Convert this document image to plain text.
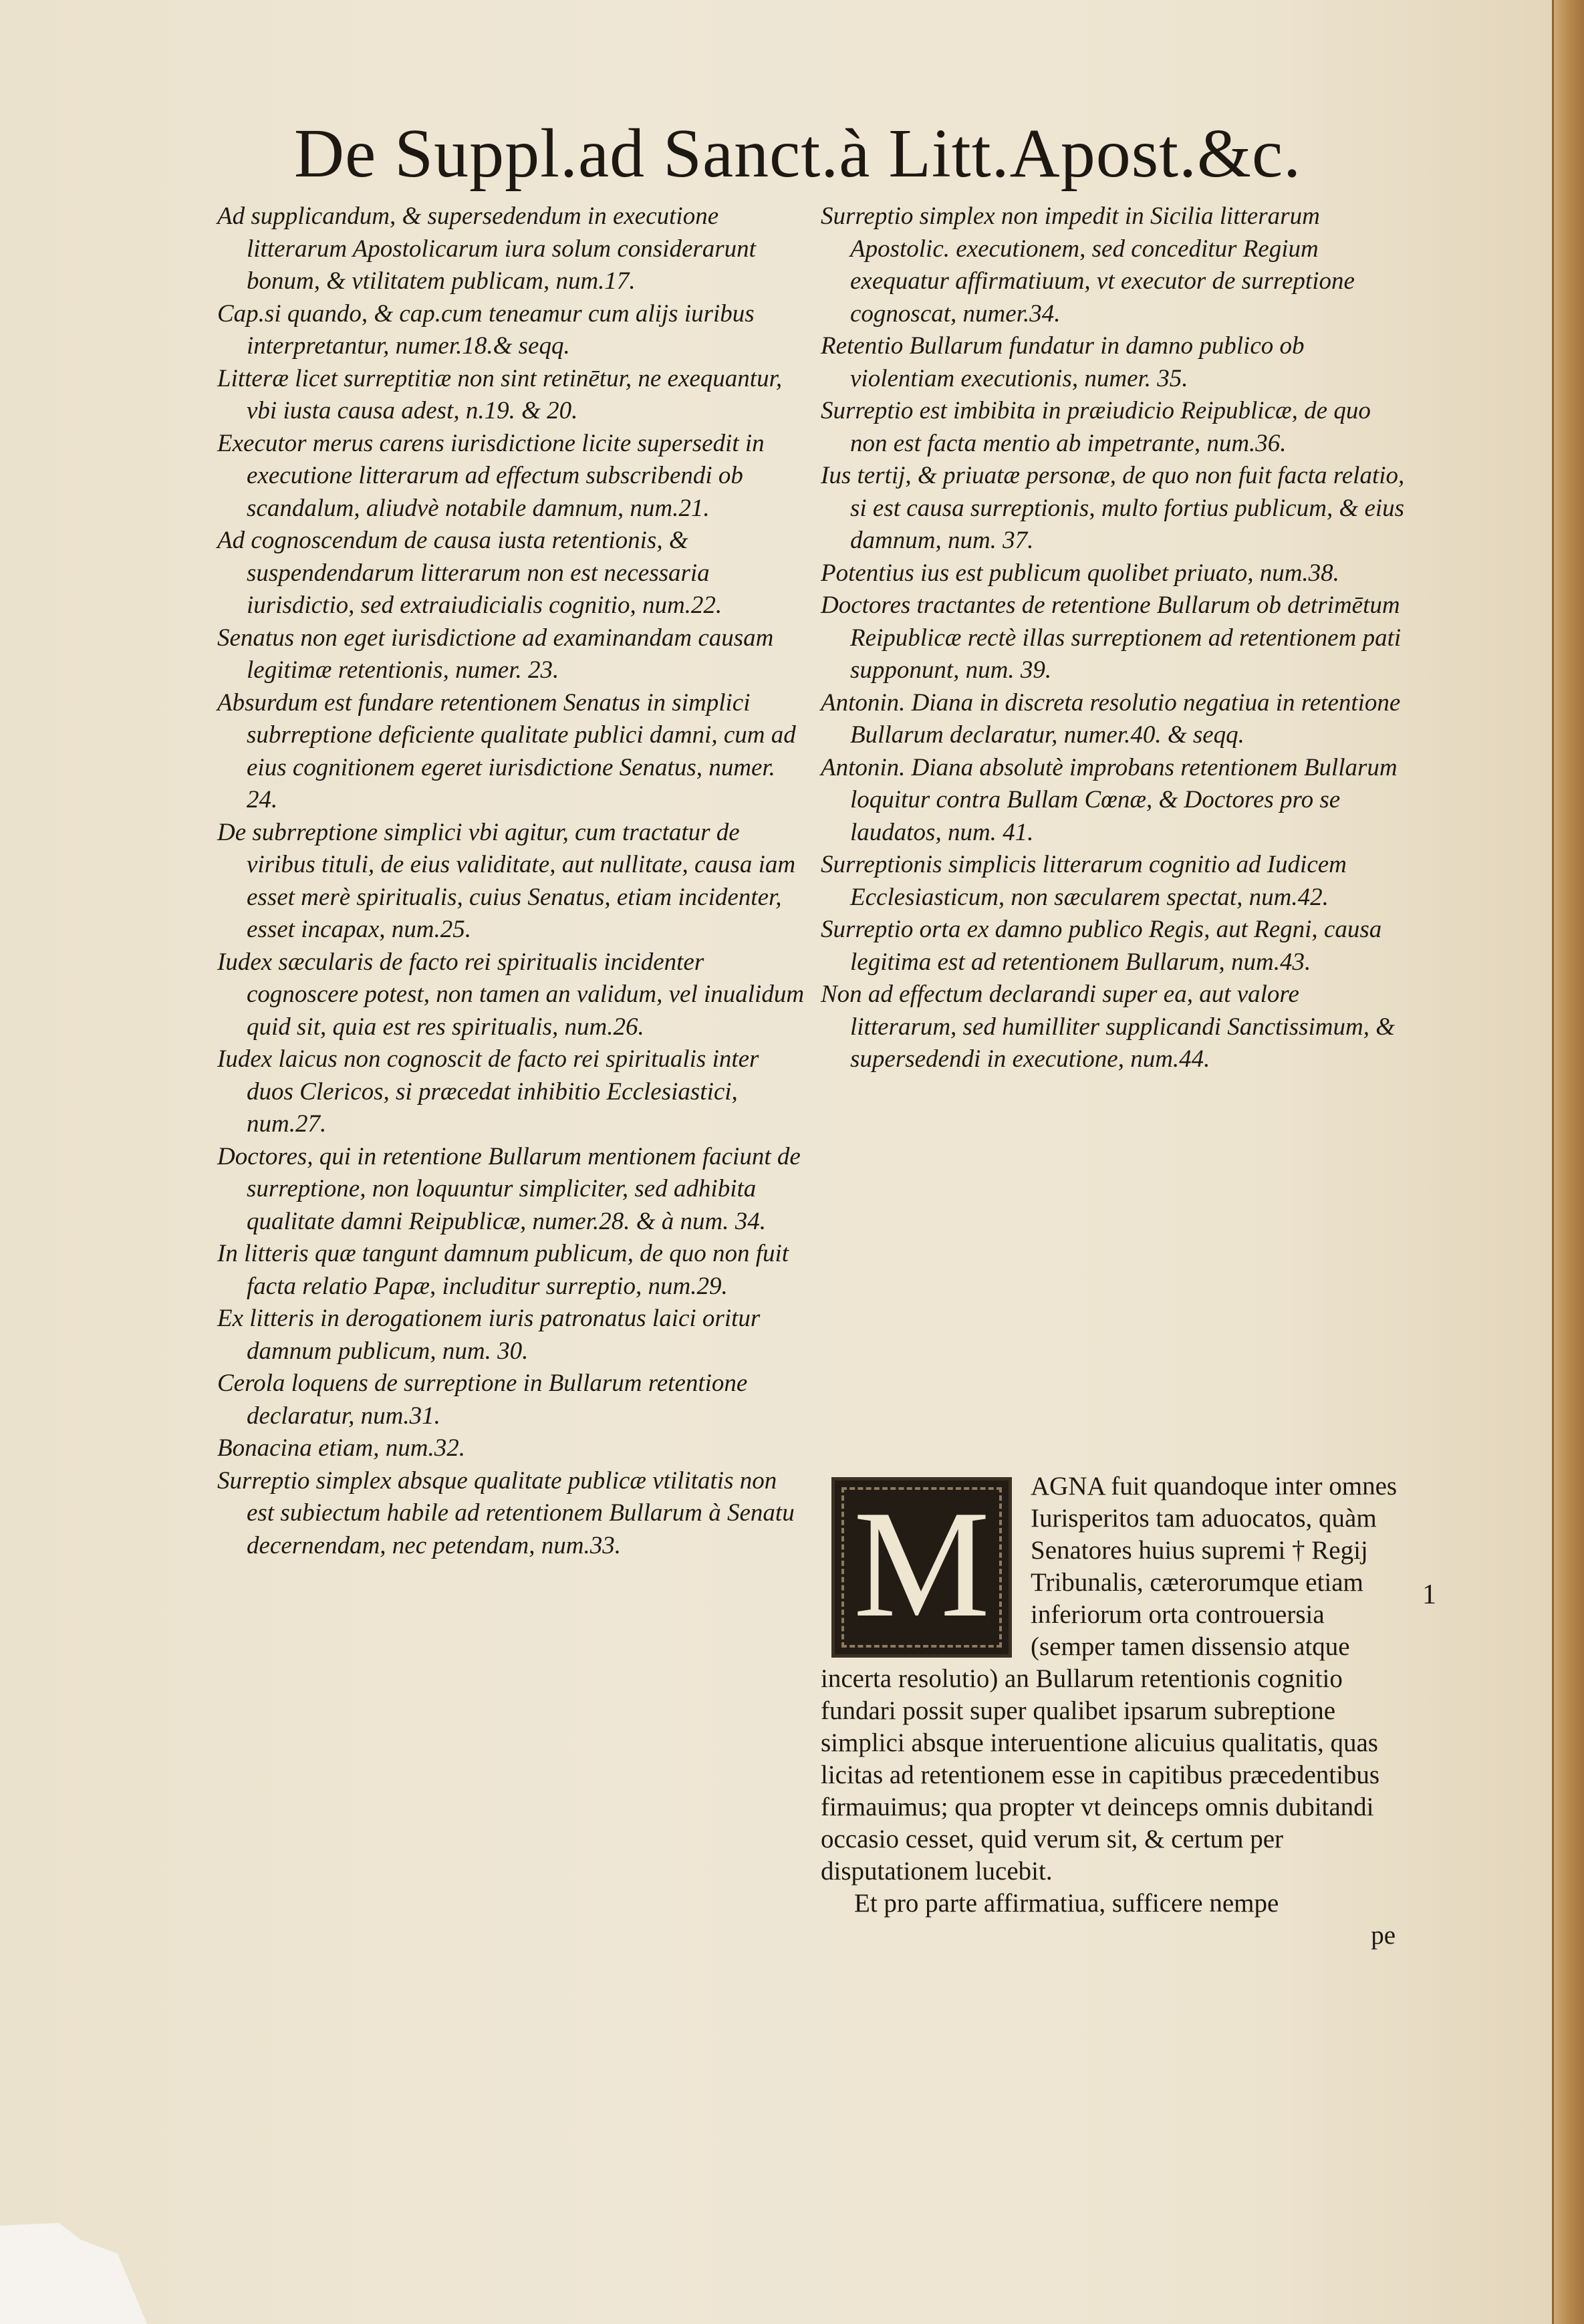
De Suppl.ad Sanct.à Litt.Apost.&c.

Ad supplicandum, & supersedendum in executione litterarum Apostolicarum iura solum considerarunt bonum, & vtilitatem publicam, num.17.

Cap.si quando, & cap.cum teneamur cum alijs iuribus interpretantur, numer.18.& seqq.

Litteræ licet surreptitiæ non sint retinētur, ne exequantur, vbi iusta causa adest, n.19. & 20.

Executor merus carens iurisdictione licite supersedit in executione litterarum ad effectum subscribendi ob scandalum, aliudvè notabile damnum, num.21.

Ad cognoscendum de causa iusta retentionis, & suspendendarum litterarum non est necessaria iurisdictio, sed extraiudicialis cognitio, num.22.

Senatus non eget iurisdictione ad examinandam causam legitimæ retentionis, numer. 23.

Absurdum est fundare retentionem Senatus in simplici subrreptione deficiente qualitate publici damni, cum ad eius cognitionem egeret iurisdictione Senatus, numer. 24.

De subrreptione simplici vbi agitur, cum tractatur de viribus tituli, de eius validitate, aut nullitate, causa iam esset merè spiritualis, cuius Senatus, etiam incidenter, esset incapax, num.25.

Iudex sæcularis de facto rei spiritualis incidenter cognoscere potest, non tamen an validum, vel inualidum quid sit, quia est res spiritualis, num.26.

Iudex laicus non cognoscit de facto rei spiritualis inter duos Clericos, si præcedat inhibitio Ecclesiastici, num.27.

Doctores, qui in retentione Bullarum mentionem faciunt de surreptione, non loquuntur simpliciter, sed adhibita qualitate damni Reipublicæ, numer.28. & à num. 34.

In litteris quæ tangunt damnum publicum, de quo non fuit facta relatio Papæ, includitur surreptio, num.29.

Ex litteris in derogationem iuris patronatus laici oritur damnum publicum, num. 30.

Cerola loquens de surreptione in Bullarum retentione declaratur, num.31.

Bonacina etiam, num.32.

Surreptio simplex absque qualitate publicæ vtilitatis non est subiectum habile ad retentionem Bullarum à Senatu decernendam, nec petendam, num.33.

Surreptio simplex non impedit in Sicilia litterarum Apostolic. executionem, sed conceditur Regium exequatur affirmatiuum, vt executor de surreptione cognoscat, numer.34.

Retentio Bullarum fundatur in damno publico ob violentiam executionis, numer. 35.

Surreptio est imbibita in præiudicio Reipublicæ, de quo non est facta mentio ab impetrante, num.36.

Ius tertij, & priuatæ personæ, de quo non fuit facta relatio, si est causa surreptionis, multo fortius publicum, & eius damnum, num. 37.

Potentius ius est publicum quolibet priuato, num.38.

Doctores tractantes de retentione Bullarum ob detrimētum Reipublicæ rectè illas surreptionem ad retentionem pati supponunt, num. 39.

Antonin. Diana in discreta resolutio negatiua in retentione Bullarum declaratur, numer.40. & seqq.

Antonin. Diana absolutè improbans retentionem Bullarum loquitur contra Bullam Cœnæ, & Doctores pro se laudatos, num. 41.

Surreptionis simplicis litterarum cognitio ad Iudicem Ecclesiasticum, non sæcularem spectat, num.42.

Surreptio orta ex damno publico Regis, aut Regni, causa legitima est ad retentionem Bullarum, num.43.

Non ad effectum declarandi super ea, aut valore litterarum, sed humilliter supplicandi Sanctissimum, & supersedendi in executione, num.44.

M	AGNA fuit quandoque inter omnes Iurisperitos tam aduocatos, quàm Senatores huius supremi † Regij Tribunalis, cæterorumque etiam inferiorum orta controuersia (semper tamen dissensio atque incerta resolutio) an Bullarum retentionis cognitio fundari possit super qualibet ipsarum subreptione simplici absque interuentione alicuius qualitatis, quas licitas ad retentionem esse in capitibus præcedentibus firmauimus; qua propter vt deinceps omnis dubitandi occasio cesset, quid verum sit, & certum per disputationem lucebit.

Et pro parte affirmatiua, sufficere nempe

pe

1
